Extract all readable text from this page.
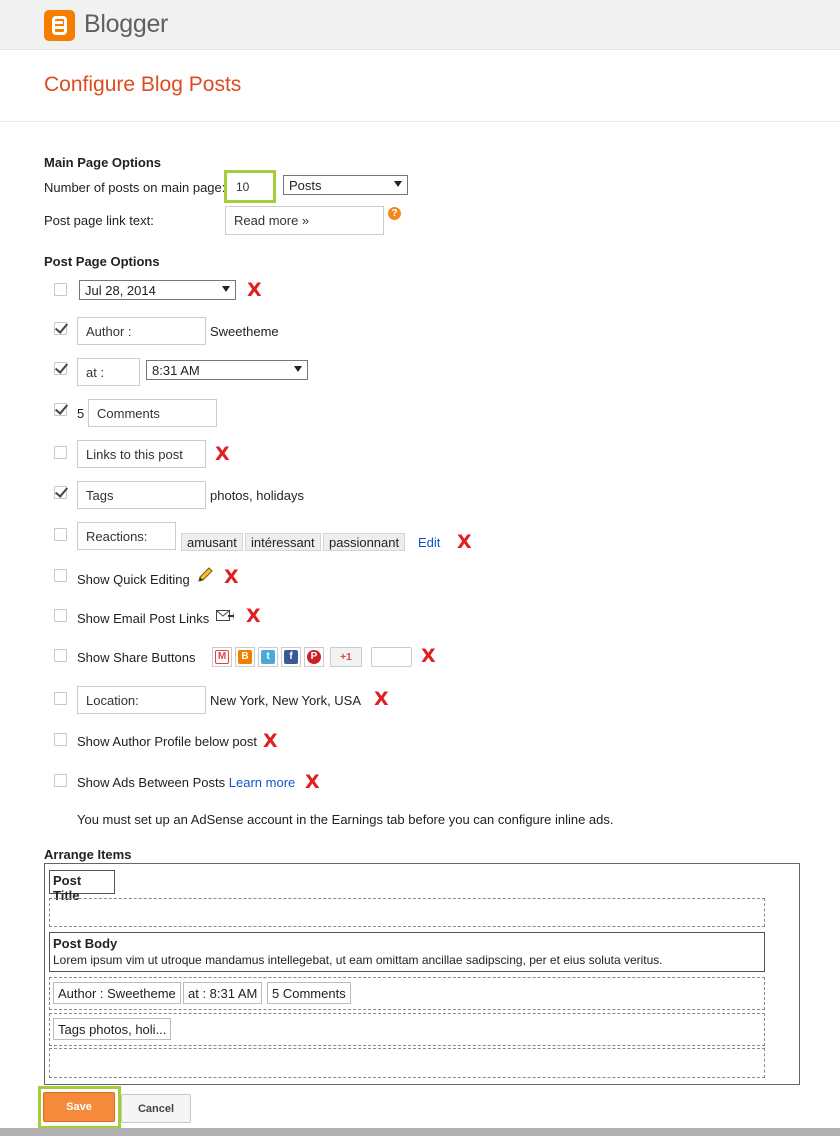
Blogger
Configure Blog Posts
Main Page Options
Number of posts on main page: 10	Posts
Post page link text:	Read more »	?
Post Page Options
Jul 28, 2014	X
Author :	Sweetheme
at :	8:31 AM
5 Comments
Links to this post	X
Tags	photos, holidays
Reactions:	amusant	intéressant	passionnant	Edit X
Show Quick Editing X
Show Email Post Links X
Show Share Buttons M	B	t	f	P	+1	X
Location:	New York, New York, USA X
Show Author Profile below post X
Show Ads Between Posts Learn more X
You must set up an AdSense account in the Earnings tab before you can configure inline ads.
Arrange Items
Post Title
Post Body
Lorem ipsum vim ut utroque mandamus intellegebat, ut eam omittam ancillae sadipscing, per et eius soluta veritus.
Author : Sweetheme at : 8:31 AM	5 Comments
Tags photos, holi...
Save	Cancel
